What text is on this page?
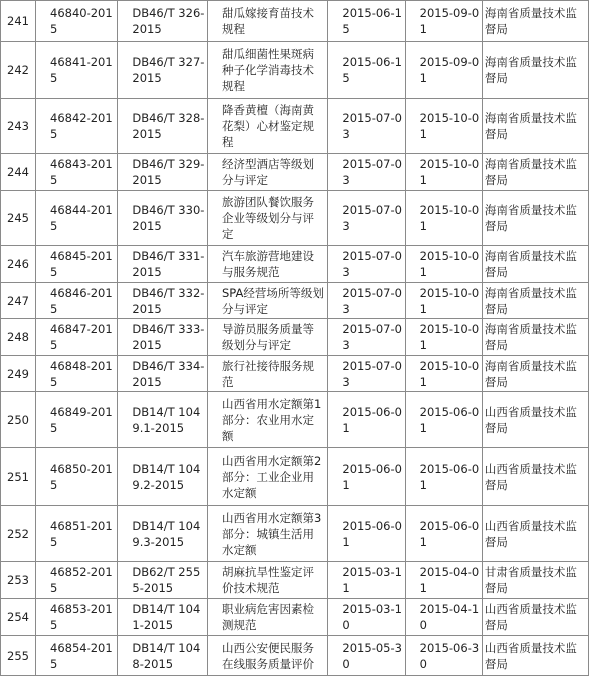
241	46840-2015	DB46/T 326-2015	甜瓜嫁接育苗技术规程	2015-06-15	2015-09-01	海南省质量技术监督局
242	46841-2015	DB46/T 327-2015	甜瓜细菌性果斑病种子化学消毒技术规程	2015-06-15	2015-09-01	海南省质量技术监督局
243	46842-2015	DB46/T 328-2015	降香黄檀（海南黄花梨）心材鉴定规程	2015-07-03	2015-10-01	海南省质量技术监督局
244	46843-2015	DB46/T 329-2015	经济型酒店等级划分与评定	2015-07-03	2015-10-01	海南省质量技术监督局
245	46844-2015	DB46/T 330-2015	旅游团队餐饮服务企业等级划分与评定	2015-07-03	2015-10-01	海南省质量技术监督局
246	46845-2015	DB46/T 331-2015	汽车旅游营地建设与服务规范	2015-07-03	2015-10-01	海南省质量技术监督局
247	46846-2015	DB46/T 332-2015	SPA经营场所等级划分与评定	2015-07-03	2015-10-01	海南省质量技术监督局
248	46847-2015	DB46/T 333-2015	导游员服务质量等级划分与评定	2015-07-03	2015-10-01	海南省质量技术监督局
249	46848-2015	DB46/T 334-2015	旅行社接待服务规范	2015-07-03	2015-10-01	海南省质量技术监督局
250	46849-2015	DB14/T 1049.1-2015	山西省用水定额第1部分：农业用水定额	2015-06-01	2015-06-01	山西省质量技术监督局
251	46850-2015	DB14/T 1049.2-2015	山西省用水定额第2部分：工业企业用水定额	2015-06-01	2015-06-01	山西省质量技术监督局
252	46851-2015	DB14/T 1049.3-2015	山西省用水定额第3部分：城镇生活用水定额	2015-06-01	2015-06-01	山西省质量技术监督局
253	46852-2015	DB62/T 2555-2015	胡麻抗旱性鉴定评价技术规范	2015-03-11	2015-04-01	甘肃省质量技术监督局
254	46853-2015	DB14/T 1041-2015	职业病危害因素检测规范	2015-03-10	2015-04-10	山西省质量技术监督局
255	46854-2015	DB14/T 1048-2015	山西公安便民服务在线服务质量评价	2015-05-30	2015-06-30	山西省质量技术监督局
